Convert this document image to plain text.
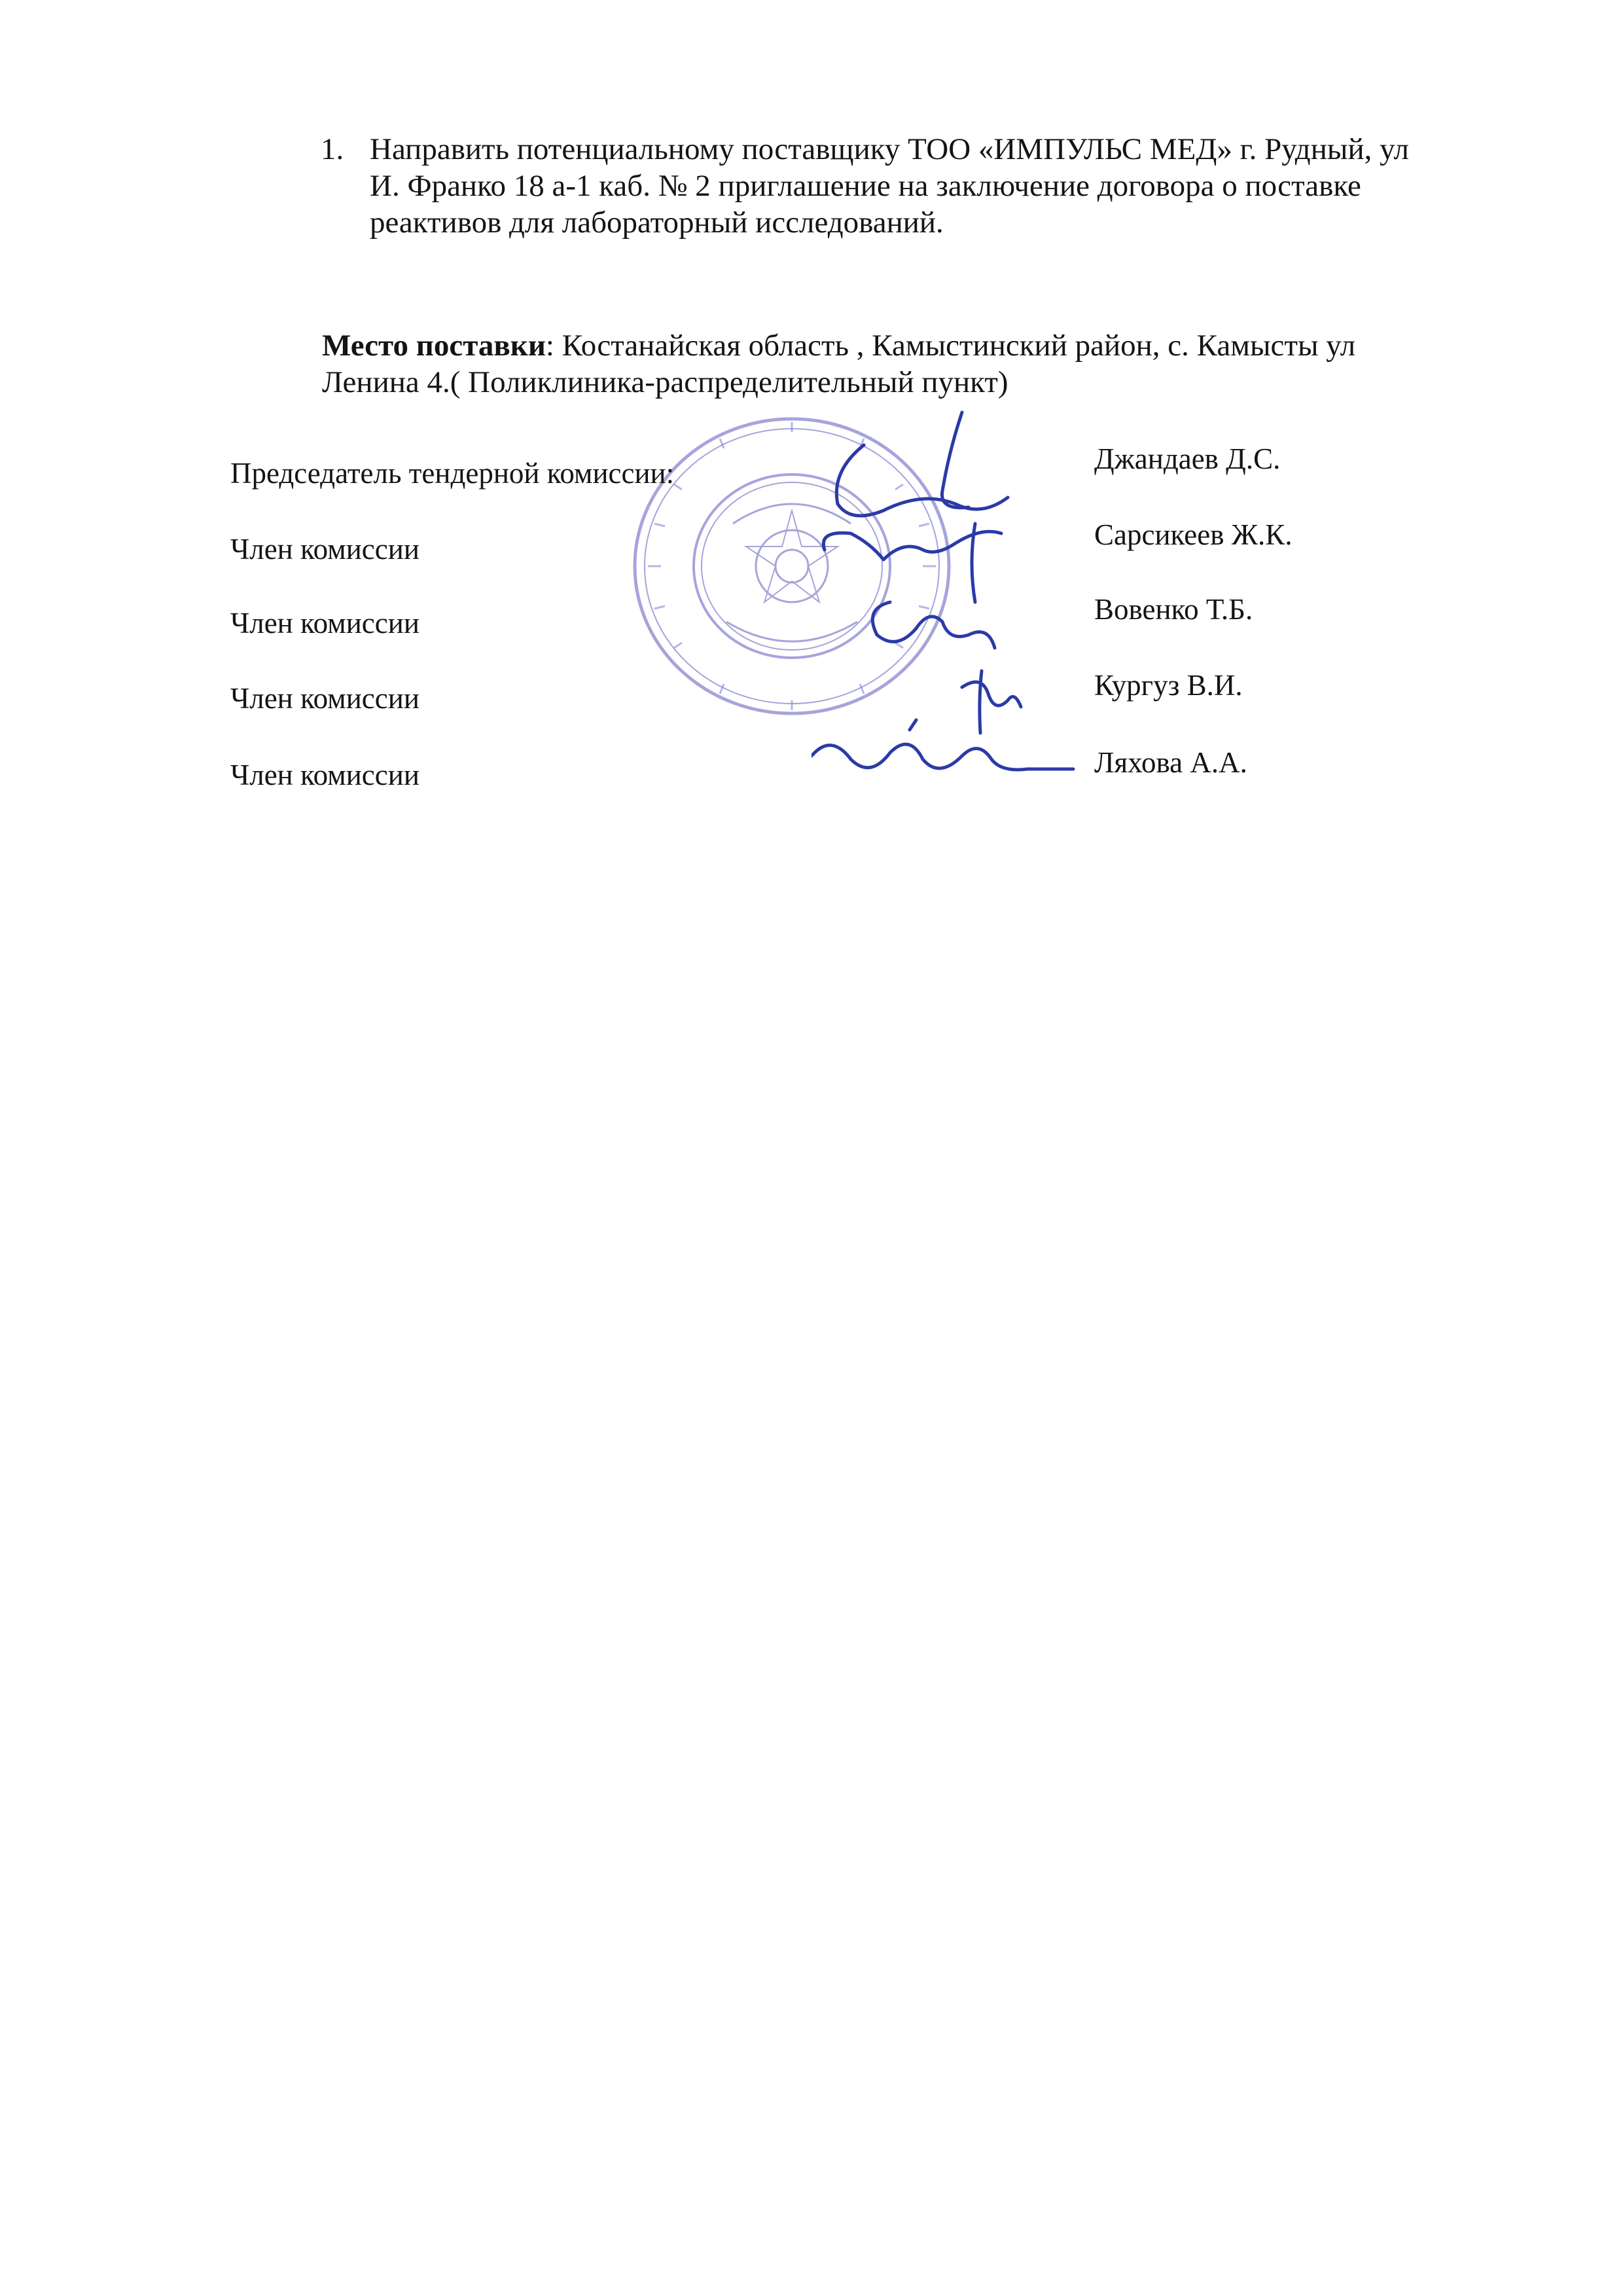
1. Направить потенциальному поставщику ТОО «ИМПУЛЬС МЕД» г. Рудный, ул
И. Франко 18 а-1 каб. № 2 приглашение на заключение договора о поставке
реактивов для лабораторный исследований.
Место поставки: Костанайская область , Камыстинский район, с. Камысты ул
Ленина 4.( Поликлиника-распределительный пункт)
Председатель тендерной комиссии:	Джандаев Д.С.
Член комиссии	Сарсикеев Ж.К.
Член комиссии	Вовенко Т.Б.
Член комиссии	Кургуз В.И.
Член комиссии	Ляхова А.А.
